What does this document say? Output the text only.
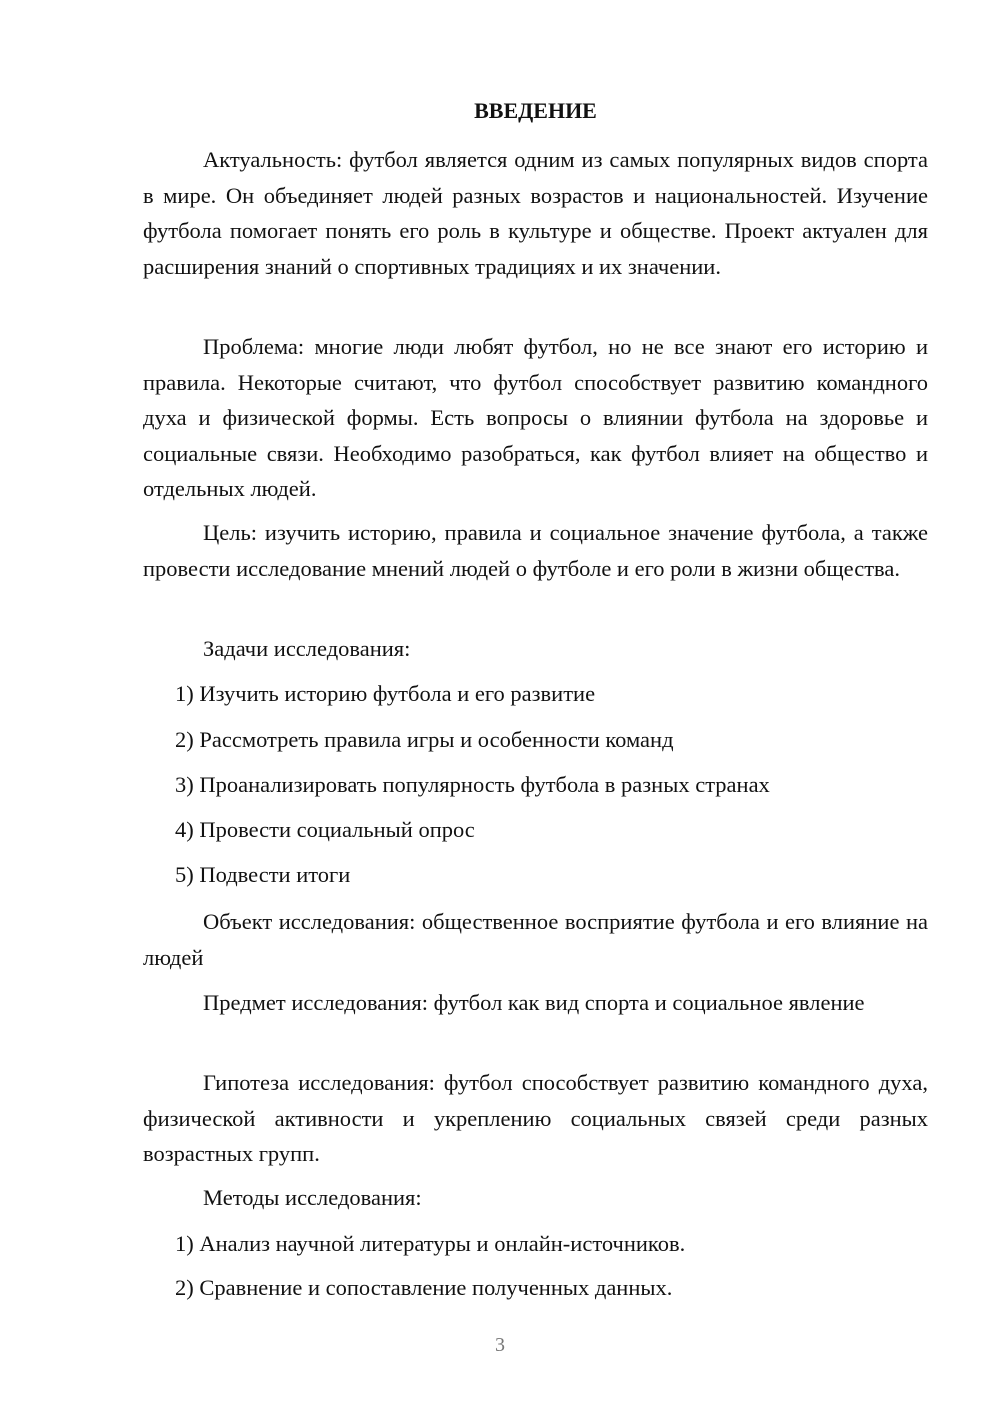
ВВЕДЕНИЕ

Актуальность: футбол является одним из самых популярных видов спорта в мире. Он объединяет людей разных возрастов и национальностей. Изучение футбола помогает понять его роль в культуре и обществе. Проект актуален для расширения знаний о спортивных традициях и их значении.

Проблема: многие люди любят футбол, но не все знают его историю и правила. Некоторые считают, что футбол способствует развитию командного духа и физической формы. Есть вопросы о влиянии футбола на здоровье и социальные связи. Необходимо разобраться, как футбол влияет на общество и отдельных людей.

Цель: изучить историю, правила и социальное значение футбола, а также провести исследование мнений людей о футболе и его роли в жизни общества.

Задачи исследования:

1) Изучить историю футбола и его развитие

2) Рассмотреть правила игры и особенности команд

3) Проанализировать популярность футбола в разных странах

4) Провести социальный опрос

5) Подвести итоги

Объект исследования: общественное восприятие футбола и его влияние на людей

Предмет исследования: футбол как вид спорта и социальное явление

Гипотеза исследования: футбол способствует развитию командного духа, физической активности и укреплению социальных связей среди разных возрастных групп.

Методы исследования:

1) Анализ научной литературы и онлайн-источников.

2) Сравнение и сопоставление полученных данных.

3
